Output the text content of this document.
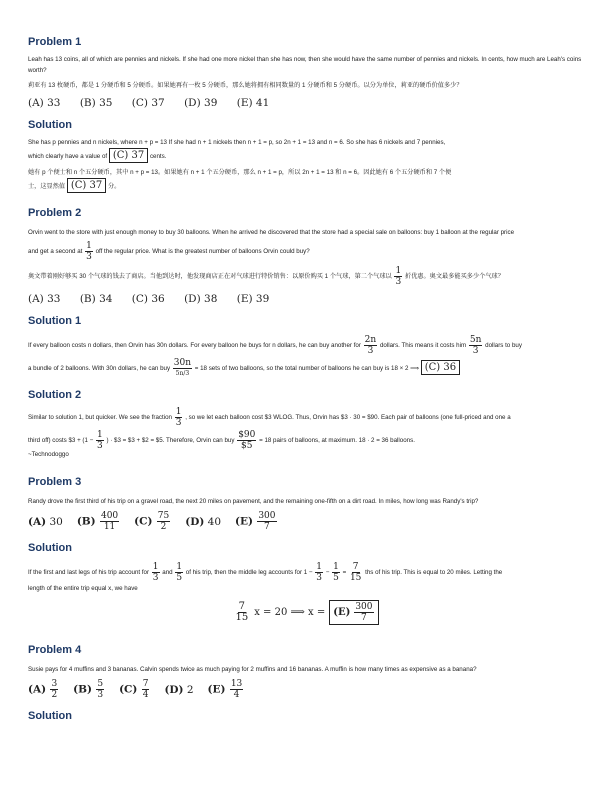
Problem 1

Leah has 13 coins, all of which are pennies and nickels. If she had one more nickel than she has now, then she would have the same number of pennies and nickels. In cents, how much are Leah's coins worth?

莉亚有 13 枚硬币，都是 1 分硬币和 5 分硬币。如果她再有一枚 5 分硬币，那么她将拥有相同数量的 1 分硬币和 5 分硬币。以分为单位，莉亚的硬币价值多少？

(A) 33 (B) 35 (C) 37 (D) 39 (E) 41

Solution

She has p pennies and n nickels, where n + p = 13 If she had n + 1 nickels then n + 1 = p, so 2n + 1 = 13 and n = 6. So she has 6 nickels and 7 pennies,

which clearly have a value of (C) 37 cents.

她有 p 个便士和 n 个五分硬币，其中 n + p = 13。如果她有 n + 1 个五分硬币，那么 n + 1 = p，所以 2n + 1 = 13 和 n = 6。因此她有 6 个五分硬币和 7 个便

士，这显然值 (C) 37 分。

Problem 2

Orvin went to the store with just enough money to buy 30 balloons. When he arrived he discovered that the store had a special sale on balloons: buy 1 balloon at the regular price

and get a second at $\frac{1}{3}$ off the regular price. What is the greatest number of balloons Orvin could buy?

奥文带着刚好够买 30 个气球的钱去了商店。当他到达时，他发现商店正在对气球进行特价销售：以原价购买 1 个气球，第二个气球以 $\frac{1}{3}$ 折优惠。奥文最多能买多少个气球？

(A) 33 (B) 34 (C) 36 (D) 38 (E) 39

Solution 1

If every balloon costs n dollars, then Orvin has 30n dollars. For every balloon he buys for n dollars, he can buy another for $\frac{2n}{3}$ dollars. This means it costs him $\frac{5n}{3}$ dollars to buy

a bundle of 2 balloons. With 30n dollars, he can buy $\frac{30n}{5n/3} = 18$ sets of two balloons, so the total number of balloons he can buy is 18 × 2 ⟹ (C) 36

Solution 2

Similar to solution 1, but quicker. We see the fraction $\frac{1}{3}$ , so we let each balloon cost $3 WLOG. Thus, Orvin has $3 · 30 = $90. Each pair of balloons (one full-priced and one a

third off) costs $3 + ($1 - \frac{1}{3}$ ) · $3 = $3 + $2 = $5. Therefore, Orvin can buy $\frac{\$90}{\$5} = 18$ pairs of balloons, at maximum. 18 · 2 = 36 balloons.

~Technodoggo

Problem 3

Randy drove the first third of his trip on a gravel road, the next 20 miles on pavement, and the remaining one-fifth on a dirt road. In miles, how long was Randy's trip?

(A) 30 $(B) \frac{400}{11} (C) \frac{75}{2} (D)$ 40 $(E) \frac{300}{7}$
Solution

If the first and last legs of his trip account for $\frac{1}{3}$ and $\frac{1}{5}$ of his trip, then the middle leg accounts for $1 - \frac{1}{3} - \frac{1}{5} = \frac{7}{15}$ ths of his trip. This is equal to 20 miles. Letting the

length of the entire trip equal x, we have

$\frac{7}{15}$ x = 20 ⟹ $x = (E) \frac{300}{7}$
Problem 4

Susie pays for 4 muffins and 3 bananas. Calvin spends twice as much paying for 2 muffins and 16 bananas. A muffin is how many times as expensive as a banana?

$(A) \frac{3}{2} (B) \frac{5}{3} (C) \frac{7}{4} (D)$ 2 $(E) \frac{13}{4}$
Solution
